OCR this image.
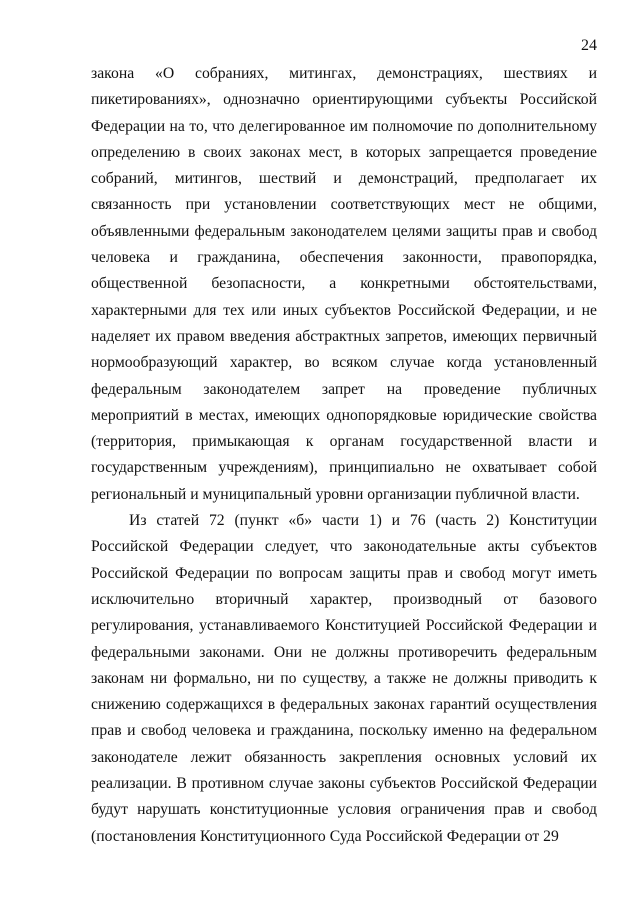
24

закона «О собраниях, митингах, демонстрациях, шествиях и пикетированиях», однозначно ориентирующими субъекты Российской Федерации на то, что делегированное им полномочие по дополнительному определению в своих законах мест, в которых запрещается проведение собраний, митингов, шествий и демонстраций, предполагает их связанность при установлении соответствующих мест не общими, объявленными федеральным законодателем целями защиты прав и свобод человека и гражданина, обеспечения законности, правопорядка, общественной безопасности, а конкретными обстоятельствами, характерными для тех или иных субъектов Российской Федерации, и не наделяет их правом введения абстрактных запретов, имеющих первичный нормообразующий характер, во всяком случае когда установленный федеральным законодателем запрет на проведение публичных мероприятий в местах, имеющих однопорядковые юридические свойства (территория, примыкающая к органам государственной власти и государственным учреждениям), принципиально не охватывает собой региональный и муниципальный уровни организации публичной власти.

Из статей 72 (пункт «б» части 1) и 76 (часть 2) Конституции Российской Федерации следует, что законодательные акты субъектов Российской Федерации по вопросам защиты прав и свобод могут иметь исключительно вторичный характер, производный от базового регулирования, устанавливаемого Конституцией Российской Федерации и федеральными законами. Они не должны противоречить федеральным законам ни формально, ни по существу, а также не должны приводить к снижению содержащихся в федеральных законах гарантий осуществления прав и свобод человека и гражданина, поскольку именно на федеральном законодателе лежит обязанность закрепления основных условий их реализации. В противном случае законы субъектов Российской Федерации будут нарушать конституционные условия ограничения прав и свобод (постановления Конституционного Суда Российской Федерации от 29
